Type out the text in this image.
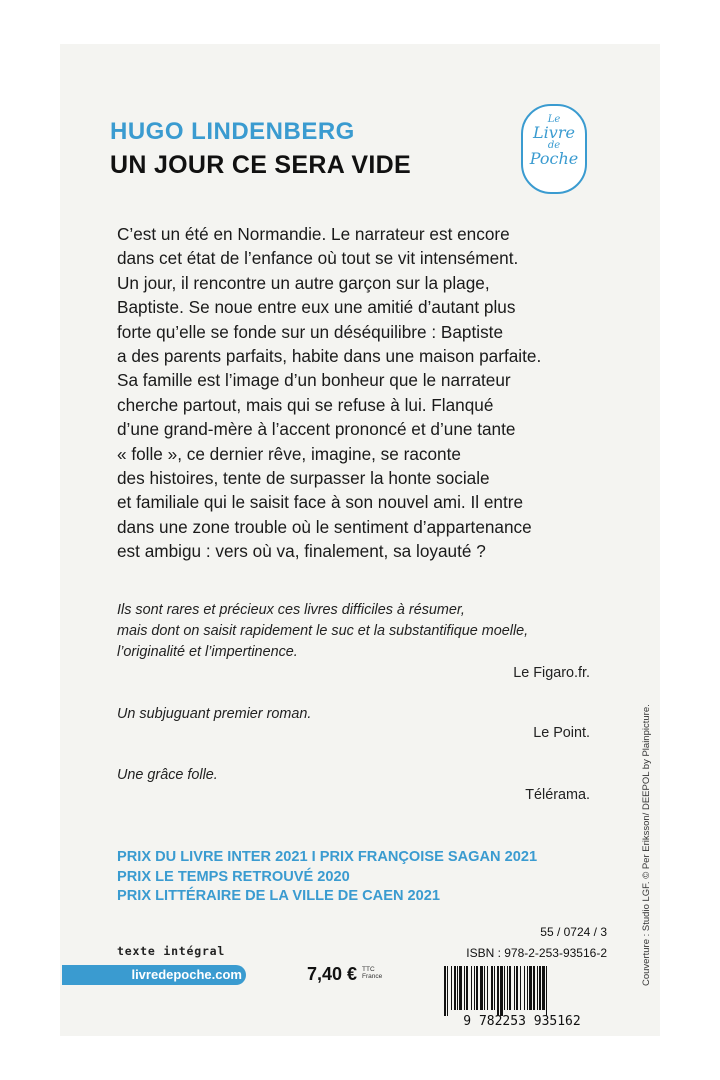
HUGO LINDENBERG
UN JOUR CE SERA VIDE
Le
Livre
de
Poche
C’est un été en Normandie. Le narrateur est encore
dans cet état de l’enfance où tout se vit intensément.
Un jour, il rencontre un autre garçon sur la plage,
Baptiste. Se noue entre eux une amitié d’autant plus
forte qu’elle se fonde sur un déséquilibre : Baptiste
a des parents parfaits, habite dans une maison parfaite.
Sa famille est l’image d’un bonheur que le narrateur
cherche partout, mais qui se refuse à lui. Flanqué
d’une grand-mère à l’accent prononcé et d’une tante
« folle », ce dernier rêve, imagine, se raconte
des histoires, tente de surpasser la honte sociale
et familiale qui le saisit face à son nouvel ami. Il entre
dans une zone trouble où le sentiment d’appartenance
est ambigu : vers où va, finalement, sa loyauté ?
Ils sont rares et précieux ces livres difficiles à résumer,
mais dont on saisit rapidement le suc et la substantifique moelle,
l’originalité et l’impertinence.
Le Figaro.fr.
Un subjuguant premier roman.
Le Point.
Une grâce folle.
Télérama.
PRIX DU LIVRE INTER 2021 I PRIX FRANÇOISE SAGAN 2021
PRIX LE TEMPS RETROUVÉ 2020
PRIX LITTÉRAIRE DE LA VILLE DE CAEN 2021
texte intégral
livredepoche.com	7,40 € TTC
France
55 / 0724 / 3
ISBN : 978-2-253-93516-2
9 782253 935162
Couverture : Studio LGF. © Per Eriksson/ DEEPOL by Plainpicture.
